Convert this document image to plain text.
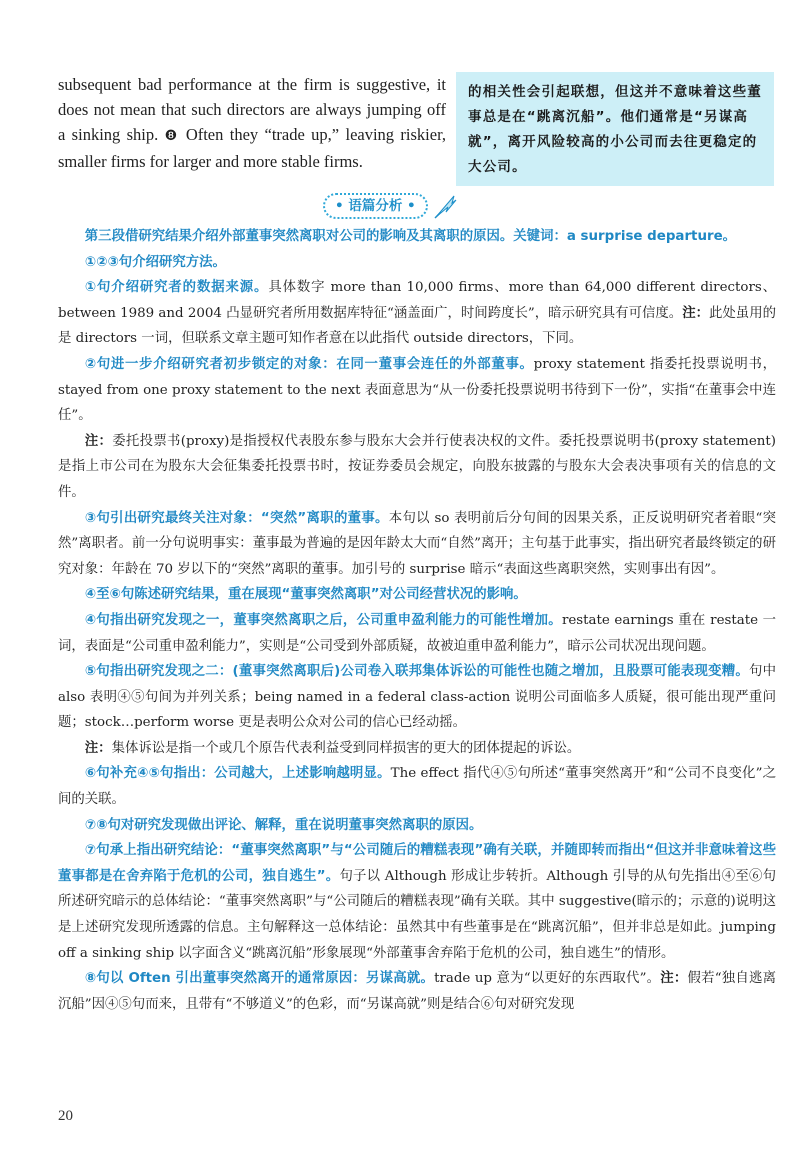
subsequent bad performance at the firm is suggestive, it does not mean that such directors are always jumping off a sinking ship. ❽ Often they “trade up,” leaving riskier, smaller firms for larger and more stable firms.
的相关性会引起联想，但这并不意味着这些董事总是在“跳离沉船”。他们通常是“另谋高就”，离开风险较高的小公司而去往更稳定的大公司。
• 语篇分析 •

第三段借研究结果介绍外部董事突然离职对公司的影响及其离职的原因。关键词：a surprise departure。

①②③句介绍研究方法。

①句介绍研究者的数据来源。具体数字 more than 10,000 firms、more than 64,000 different directors、between 1989 and 2004 凸显研究者所用数据库特征“涵盖面广，时间跨度长”，暗示研究具有可信度。注：此处虽用的是 directors 一词，但联系文章主题可知作者意在以此指代 outside directors，下同。

②句进一步介绍研究者初步锁定的对象：在同一董事会连任的外部董事。proxy statement 指委托投票说明书，stayed from one proxy statement to the next 表面意思为“从一份委托投票说明书待到下一份”，实指“在董事会中连任”。

注：委托投票书(proxy)是指授权代表股东参与股东大会并行使表决权的文件。委托投票说明书(proxy statement)是指上市公司在为股东大会征集委托投票书时，按证券委员会规定，向股东披露的与股东大会表决事项有关的信息的文件。

③句引出研究最终关注对象：“突然”离职的董事。本句以 so 表明前后分句间的因果关系，正反说明研究者着眼“突然”离职者。前一分句说明事实：董事最为普遍的是因年龄太大而“自然”离开；主句基于此事实，指出研究者最终锁定的研究对象：年龄在 70 岁以下的“突然”离职的董事。加引号的 surprise 暗示“表面这些离职突然，实则事出有因”。

④至⑥句陈述研究结果，重在展现“董事突然离职”对公司经营状况的影响。

④句指出研究发现之一，董事突然离职之后，公司重申盈利能力的可能性增加。restate earnings 重在 restate 一词，表面是“公司重申盈利能力”，实则是“公司受到外部质疑，故被迫重申盈利能力”，暗示公司状况出现问题。

⑤句指出研究发现之二：(董事突然离职后)公司卷入联邦集体诉讼的可能性也随之增加，且股票可能表现变糟。句中 also 表明④⑤句间为并列关系；being named in a federal class-action 说明公司面临多人质疑，很可能出现严重问题；stock…perform worse 更是表明公众对公司的信心已经动摇。

注：集体诉讼是指一个或几个原告代表利益受到同样损害的更大的团体提起的诉讼。

⑥句补充④⑤句指出：公司越大，上述影响越明显。The effect 指代④⑤句所述“董事突然离开”和“公司不良变化”之间的关联。

⑦⑧句对研究发现做出评论、解释，重在说明董事突然离职的原因。

⑦句承上指出研究结论：“董事突然离职”与“公司随后的糟糕表现”确有关联，并随即转而指出“但这并非意味着这些董事都是在舍弃陷于危机的公司，独自逃生”。句子以 Although 形成让步转折。Although 引导的从句先指出④至⑥句所述研究暗示的总体结论：“董事突然离职”与“公司随后的糟糕表现”确有关联。其中 suggestive(暗示的；示意的)说明这是上述研究发现所透露的信息。主句解释这一总体结论：虽然其中有些董事是在“跳离沉船”，但并非总是如此。jumping off a sinking ship 以字面含义“跳离沉船”形象展现“外部董事舍弃陷于危机的公司，独自逃生”的情形。

⑧句以 Often 引出董事突然离开的通常原因：另谋高就。trade up 意为“以更好的东西取代”。注：假若“独自逃离沉船”因④⑤句而来，且带有“不够道义”的色彩，而“另谋高就”则是结合⑥句对研究发现

20
